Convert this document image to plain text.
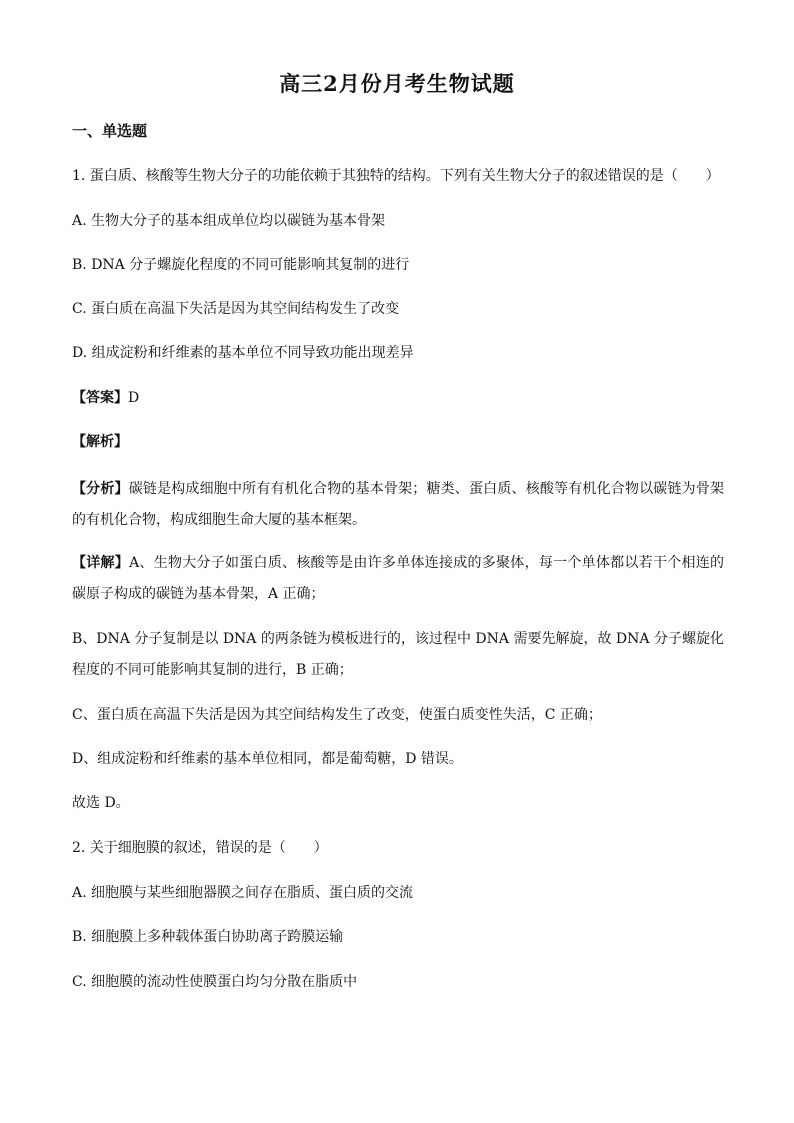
高三2月份月考生物试题
一、单选题
1. 蛋白质、核酸等生物大分子的功能依赖于其独特的结构。下列有关生物大分子的叙述错误的是（　　）
A. 生物大分子的基本组成单位均以碳链为基本骨架
B. DNA 分子螺旋化程度的不同可能影响其复制的进行
C. 蛋白质在高温下失活是因为其空间结构发生了改变
D. 组成淀粉和纤维素的基本单位不同导致功能出现差异
【答案】D
【解析】
【分析】碳链是构成细胞中所有有机化合物的基本骨架；糖类、蛋白质、核酸等有机化合物以碳链为骨架的有机化合物，构成细胞生命大厦的基本框架。
【详解】A、生物大分子如蛋白质、核酸等是由许多单体连接成的多聚体，每一个单体都以若干个相连的碳原子构成的碳链为基本骨架，A 正确；
B、DNA 分子复制是以 DNA 的两条链为模板进行的，该过程中 DNA 需要先解旋，故 DNA 分子螺旋化程度的不同可能影响其复制的进行，B 正确；
C、蛋白质在高温下失活是因为其空间结构发生了改变，使蛋白质变性失活，C 正确；
D、组成淀粉和纤维素的基本单位相同，都是葡萄糖，D 错误。
故选 D。
2. 关于细胞膜的叙述，错误的是（　　）
A. 细胞膜与某些细胞器膜之间存在脂质、蛋白质的交流
B. 细胞膜上多种载体蛋白协助离子跨膜运输
C. 细胞膜的流动性使膜蛋白均匀分散在脂质中
